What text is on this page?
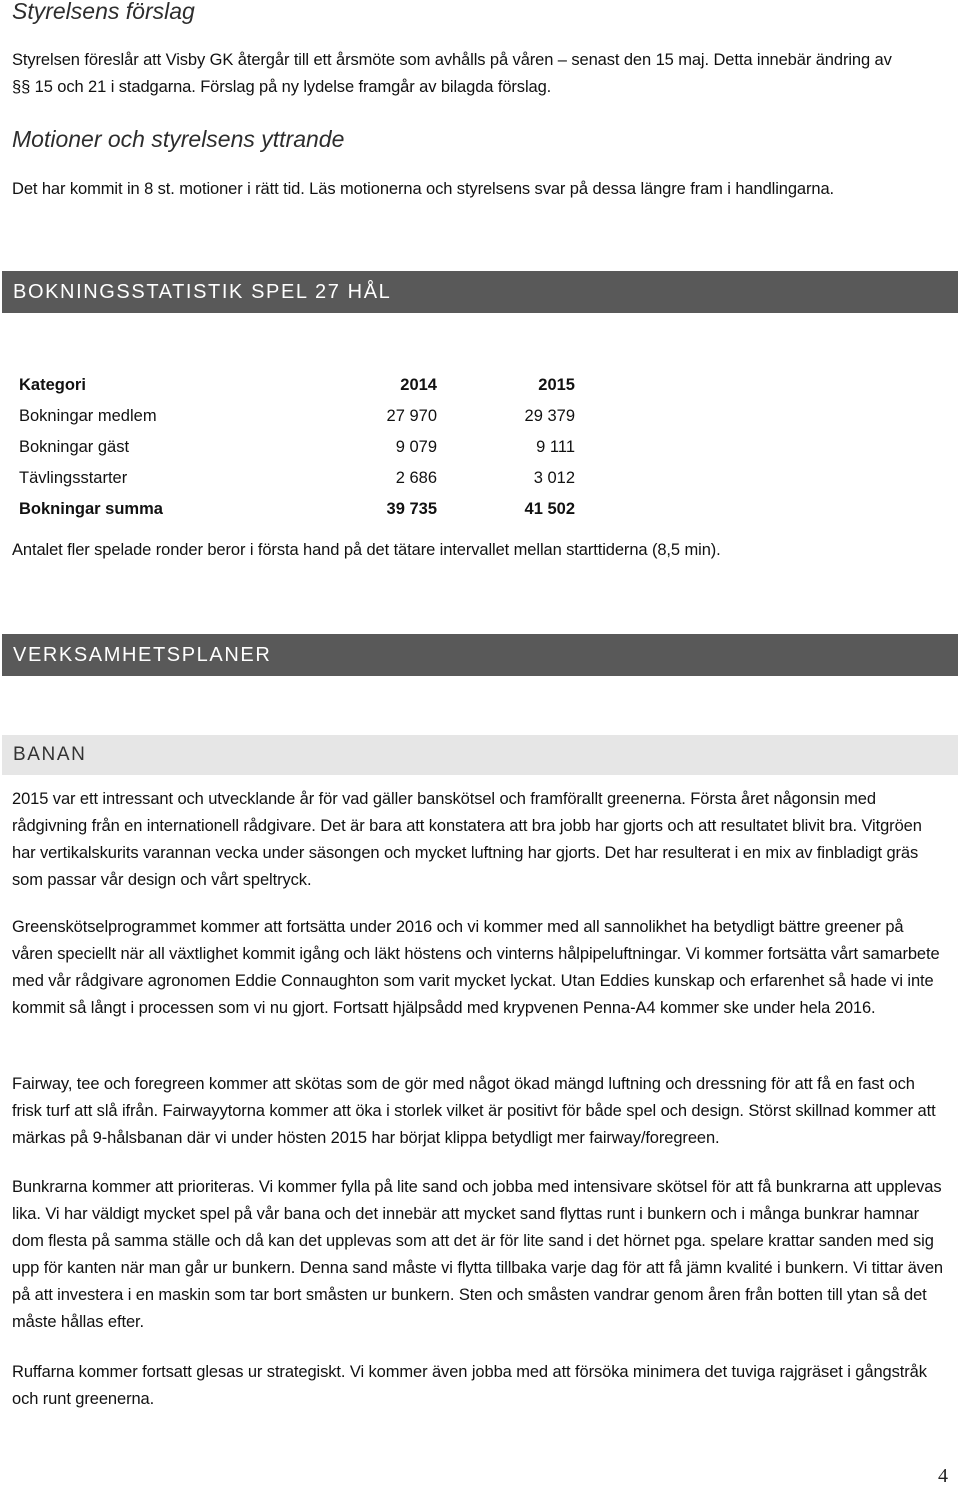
Styrelsens förslag
Styrelsen föreslår att Visby GK återgår till ett årsmöte som avhålls på våren – senast den 15 maj. Detta innebär ändring av
§§ 15 och 21 i stadgarna. Förslag på ny lydelse framgår av bilagda förslag.
Motioner och styrelsens yttrande
Det har kommit in 8 st. motioner i rätt tid. Läs motionerna och styrelsens svar på dessa längre fram i handlingarna.
BOKNINGSSTATISTIK SPEL 27 HÅL
Kategori	2014	2015
Bokningar medlem	27 970	29 379
Bokningar gäst	9 079	9 111
Tävlingsstarter	2 686	3 012
Bokningar summa	39 735	41 502
Antalet fler spelade ronder beror i första hand på det tätare intervallet mellan starttiderna (8,5 min).
VERKSAMHETSPLANER
BANAN
2015 var ett intressant och utvecklande år för vad gäller banskötsel och framförallt greenerna. Första året någonsin med rådgivning från en internationell rådgivare. Det är bara att konstatera att bra jobb har gjorts och att resultatet blivit bra. Vitgröen har vertikalskurits varannan vecka under säsongen och mycket luftning har gjorts. Det har resulterat i en mix av finbladigt gräs som passar vår design och vårt speltryck.
Greenskötselprogrammet kommer att fortsätta under 2016 och vi kommer med all sannolikhet ha betydligt bättre greener på våren speciellt när all växtlighet kommit igång och läkt höstens och vinterns hålpipeluftningar. Vi kommer fortsätta vårt samarbete med vår rådgivare agronomen Eddie Connaughton som varit mycket lyckat. Utan Eddies kunskap och erfarenhet så hade vi inte kommit så långt i processen som vi nu gjort. Fortsatt hjälpsådd med krypvenen Penna-A4 kommer ske under hela 2016.
Fairway, tee och foregreen kommer att skötas som de gör med något ökad mängd luftning och dressning för att få en fast och frisk turf att slå ifrån. Fairwayytorna kommer att öka i storlek vilket är positivt för både spel och design. Störst skillnad kommer att märkas på 9-hålsbanan där vi under hösten 2015 har börjat klippa betydligt mer fairway/foregreen.
Bunkrarna kommer att prioriteras. Vi kommer fylla på lite sand och jobba med intensivare skötsel för att få bunkrarna att upplevas lika. Vi har väldigt mycket spel på vår bana och det innebär att mycket sand flyttas runt i bunkern och i många bunkrar hamnar dom flesta på samma ställe och då kan det upplevas som att det är för lite sand i det hörnet pga. spelare krattar sanden med sig upp för kanten när man går ur bunkern. Denna sand måste vi flytta tillbaka varje dag för att få jämn kvalité i bunkern. Vi tittar även på att investera i en maskin som tar bort småsten ur bunkern. Sten och småsten vandrar genom åren från botten till ytan så det måste hållas efter.
Ruffarna kommer fortsatt glesas ur strategiskt. Vi kommer även jobba med att försöka minimera det tuviga rajgräset i gångstråk och runt greenerna.
4
